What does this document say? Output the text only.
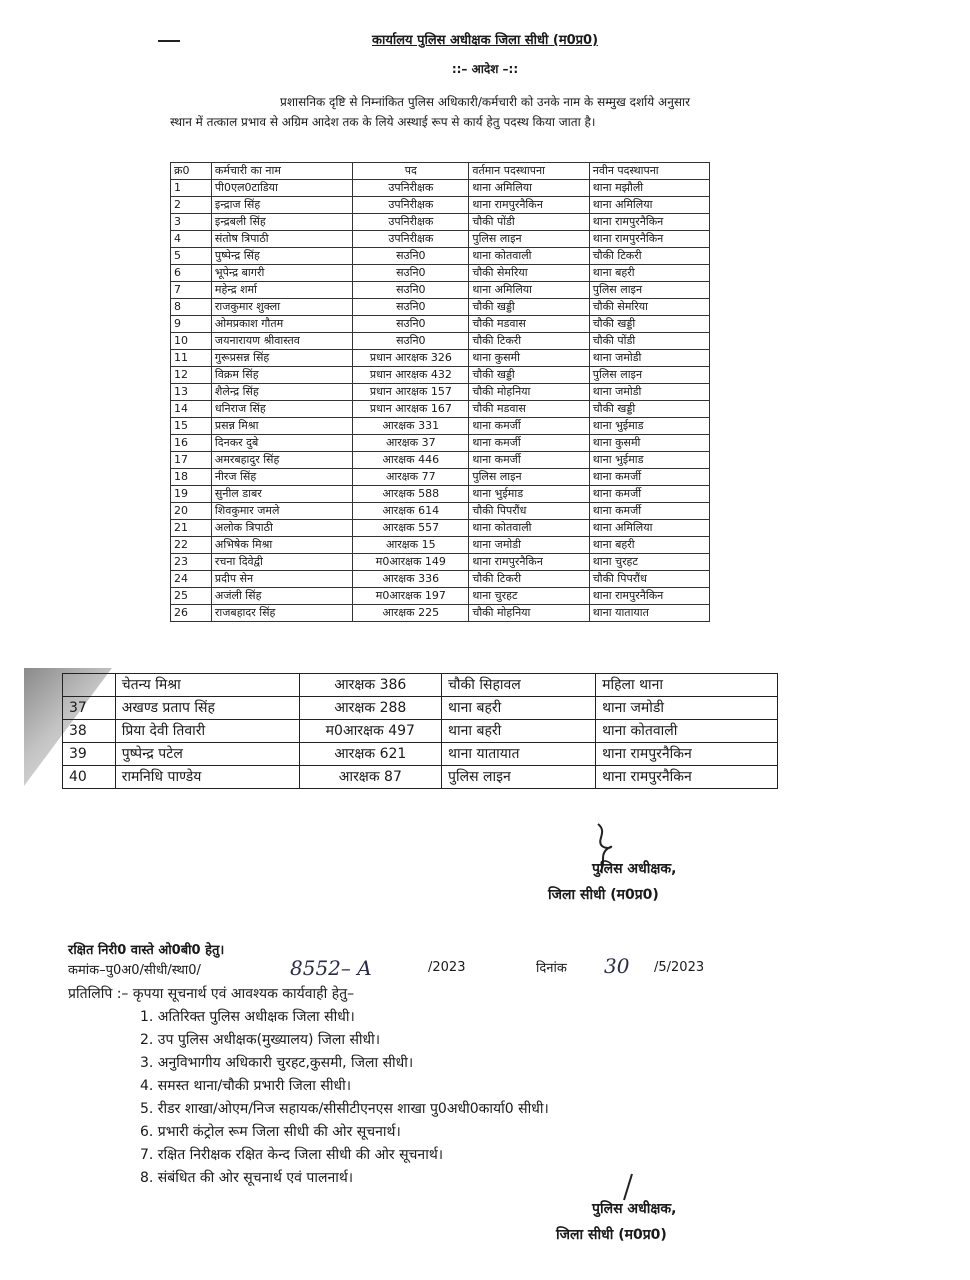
कार्यालय पुलिस अधीक्षक जिला सीधी (म0प्र0)
::– आदेश –::
प्रशासनिक दृष्टि से निम्नांकित पुलिस अधिकारी/कर्मचारी को उनके नाम के सम्मुख दर्शाये अनुसार स्थान में तत्काल प्रभाव से अग्रिम आदेश तक के लिये अस्थाई रूप से कार्य हेतु पदस्थ किया जाता है।
क्र0	कर्मचारी का नाम	पद	वर्तमान पदस्थापना	नवीन पदस्थापना
1	पी0एल0टाडिया	उपनिरीक्षक	थाना अमिलिया	थाना मझौली
2	इन्द्राज सिंह	उपनिरीक्षक	थाना रामपुरनैकिन	थाना अमिलिया
3	इन्द्रबली सिंह	उपनिरीक्षक	चौकी पोंडी	थाना रामपुरनैकिन
4	संतोष त्रिपाठी	उपनिरीक्षक	पुलिस लाइन	थाना रामपुरनैकिन
5	पुष्पेन्द्र सिंह	सउनि0	थाना कोतवाली	चौकी टिकरी
6	भूपेन्द्र बागरी	सउनि0	चौकी सेमरिया	थाना बहरी
7	महेन्द्र शर्मा	सउनि0	थाना अमिलिया	पुलिस लाइन
8	राजकुमार शुक्ला	सउनि0	चौकी खड्डी	चौकी सेमरिया
9	ओमप्रकाश गौतम	सउनि0	चौकी मडवास	चौकी खड्डी
10	जयनारायण श्रीवास्तव	सउनि0	चौकी टिकरी	चौकी पोंडी
11	गुरूप्रसन्न सिंह	प्रधान आरक्षक 326	थाना कुसमी	थाना जमोडी
12	विक्रम सिंह	प्रधान आरक्षक 432	चौकी खड्डी	पुलिस लाइन
13	शैलेन्द्र सिंह	प्रधान आरक्षक 157	चौकी मोहनिया	थाना जमोडी
14	धनिराज सिंह	प्रधान आरक्षक 167	चौकी मडवास	चौकी खड्डी
15	प्रसन्न मिश्रा	आरक्षक 331	थाना कमर्जी	थाना भुईमाड
16	दिनकर दुबे	आरक्षक 37	थाना कमर्जी	थाना कुसमी
17	अमरबहादुर सिंह	आरक्षक 446	थाना कमर्जी	थाना भुईमाड
18	नीरज सिंह	आरक्षक 77	पुलिस लाइन	थाना कमर्जी
19	सुनील डाबर	आरक्षक 588	थाना भुईमाड	थाना कमर्जी
20	शिवकुमार जमले	आरक्षक 614	चौकी पिपरौंध	थाना कमर्जी
21	अलोक त्रिपाठी	आरक्षक 557	थाना कोतवाली	थाना अमिलिया
22	अभिषेक मिश्रा	आरक्षक 15	थाना जमोडी	थाना बहरी
23	रचना दिवेद्वी	म0आरक्षक 149	थाना रामपुरनैकिन	थाना चुरहट
24	प्रदीप सेन	आरक्षक 336	चौकी टिकरी	चौकी पिपरौंध
25	अजंली सिंह	म0आरक्षक 197	थाना चुरहट	थाना रामपुरनैकिन
26	राजबहादर सिंह	आरक्षक 225	चौकी मोहनिया	थाना यातायात
	चेतन्य मिश्रा	आरक्षक 386	चौकी सिहावल	महिला थाना
37	अखण्ड प्रताप सिंह	आरक्षक 288	थाना बहरी	थाना जमोडी
38	प्रिया देवी तिवारी	म0आरक्षक 497	थाना बहरी	थाना कोतवाली
39	पुष्पेन्द्र पटेल	आरक्षक 621	थाना यातायात	थाना रामपुरनैकिन
40	रामनिधि पाण्डेय	आरक्षक 87	पुलिस लाइन	थाना रामपुरनैकिन
पुलिस अधीक्षक,
जिला सीधी (म0प्र0)
रक्षित निरी0 वास्ते ओ0बी0 हेतु।
कमांक–पु0अ0/सीधी/स्था0/	8552– A	/2023	दिनांक 30 /5/2023
प्रतिलिपि :– कृपया सूचनार्थ एवं आवश्यक कार्यवाही हेतु–
1. अतिरिक्त पुलिस अधीक्षक जिला सीधी।
2. उप पुलिस अधीक्षक(मुख्यालय) जिला सीधी।
3. अनुविभागीय अधिकारी चुरहट,कुसमी, जिला सीधी।
4. समस्त थाना/चौकी प्रभारी जिला सीधी।
5. रीडर शाखा/ओएम/निज सहायक/सीसीटीएनएस शाखा पु0अधी0कार्या0 सीधी।
6. प्रभारी कंट्रोल रूम जिला सीधी की ओर सूचनार्थ।
7. रक्षित निरीक्षक रक्षित केन्द जिला सीधी की ओर सूचनार्थ।
8. संबंधित की ओर सूचनार्थ एवं पालनार्थ।
पुलिस अधीक्षक,
जिला सीधी (म0प्र0)
